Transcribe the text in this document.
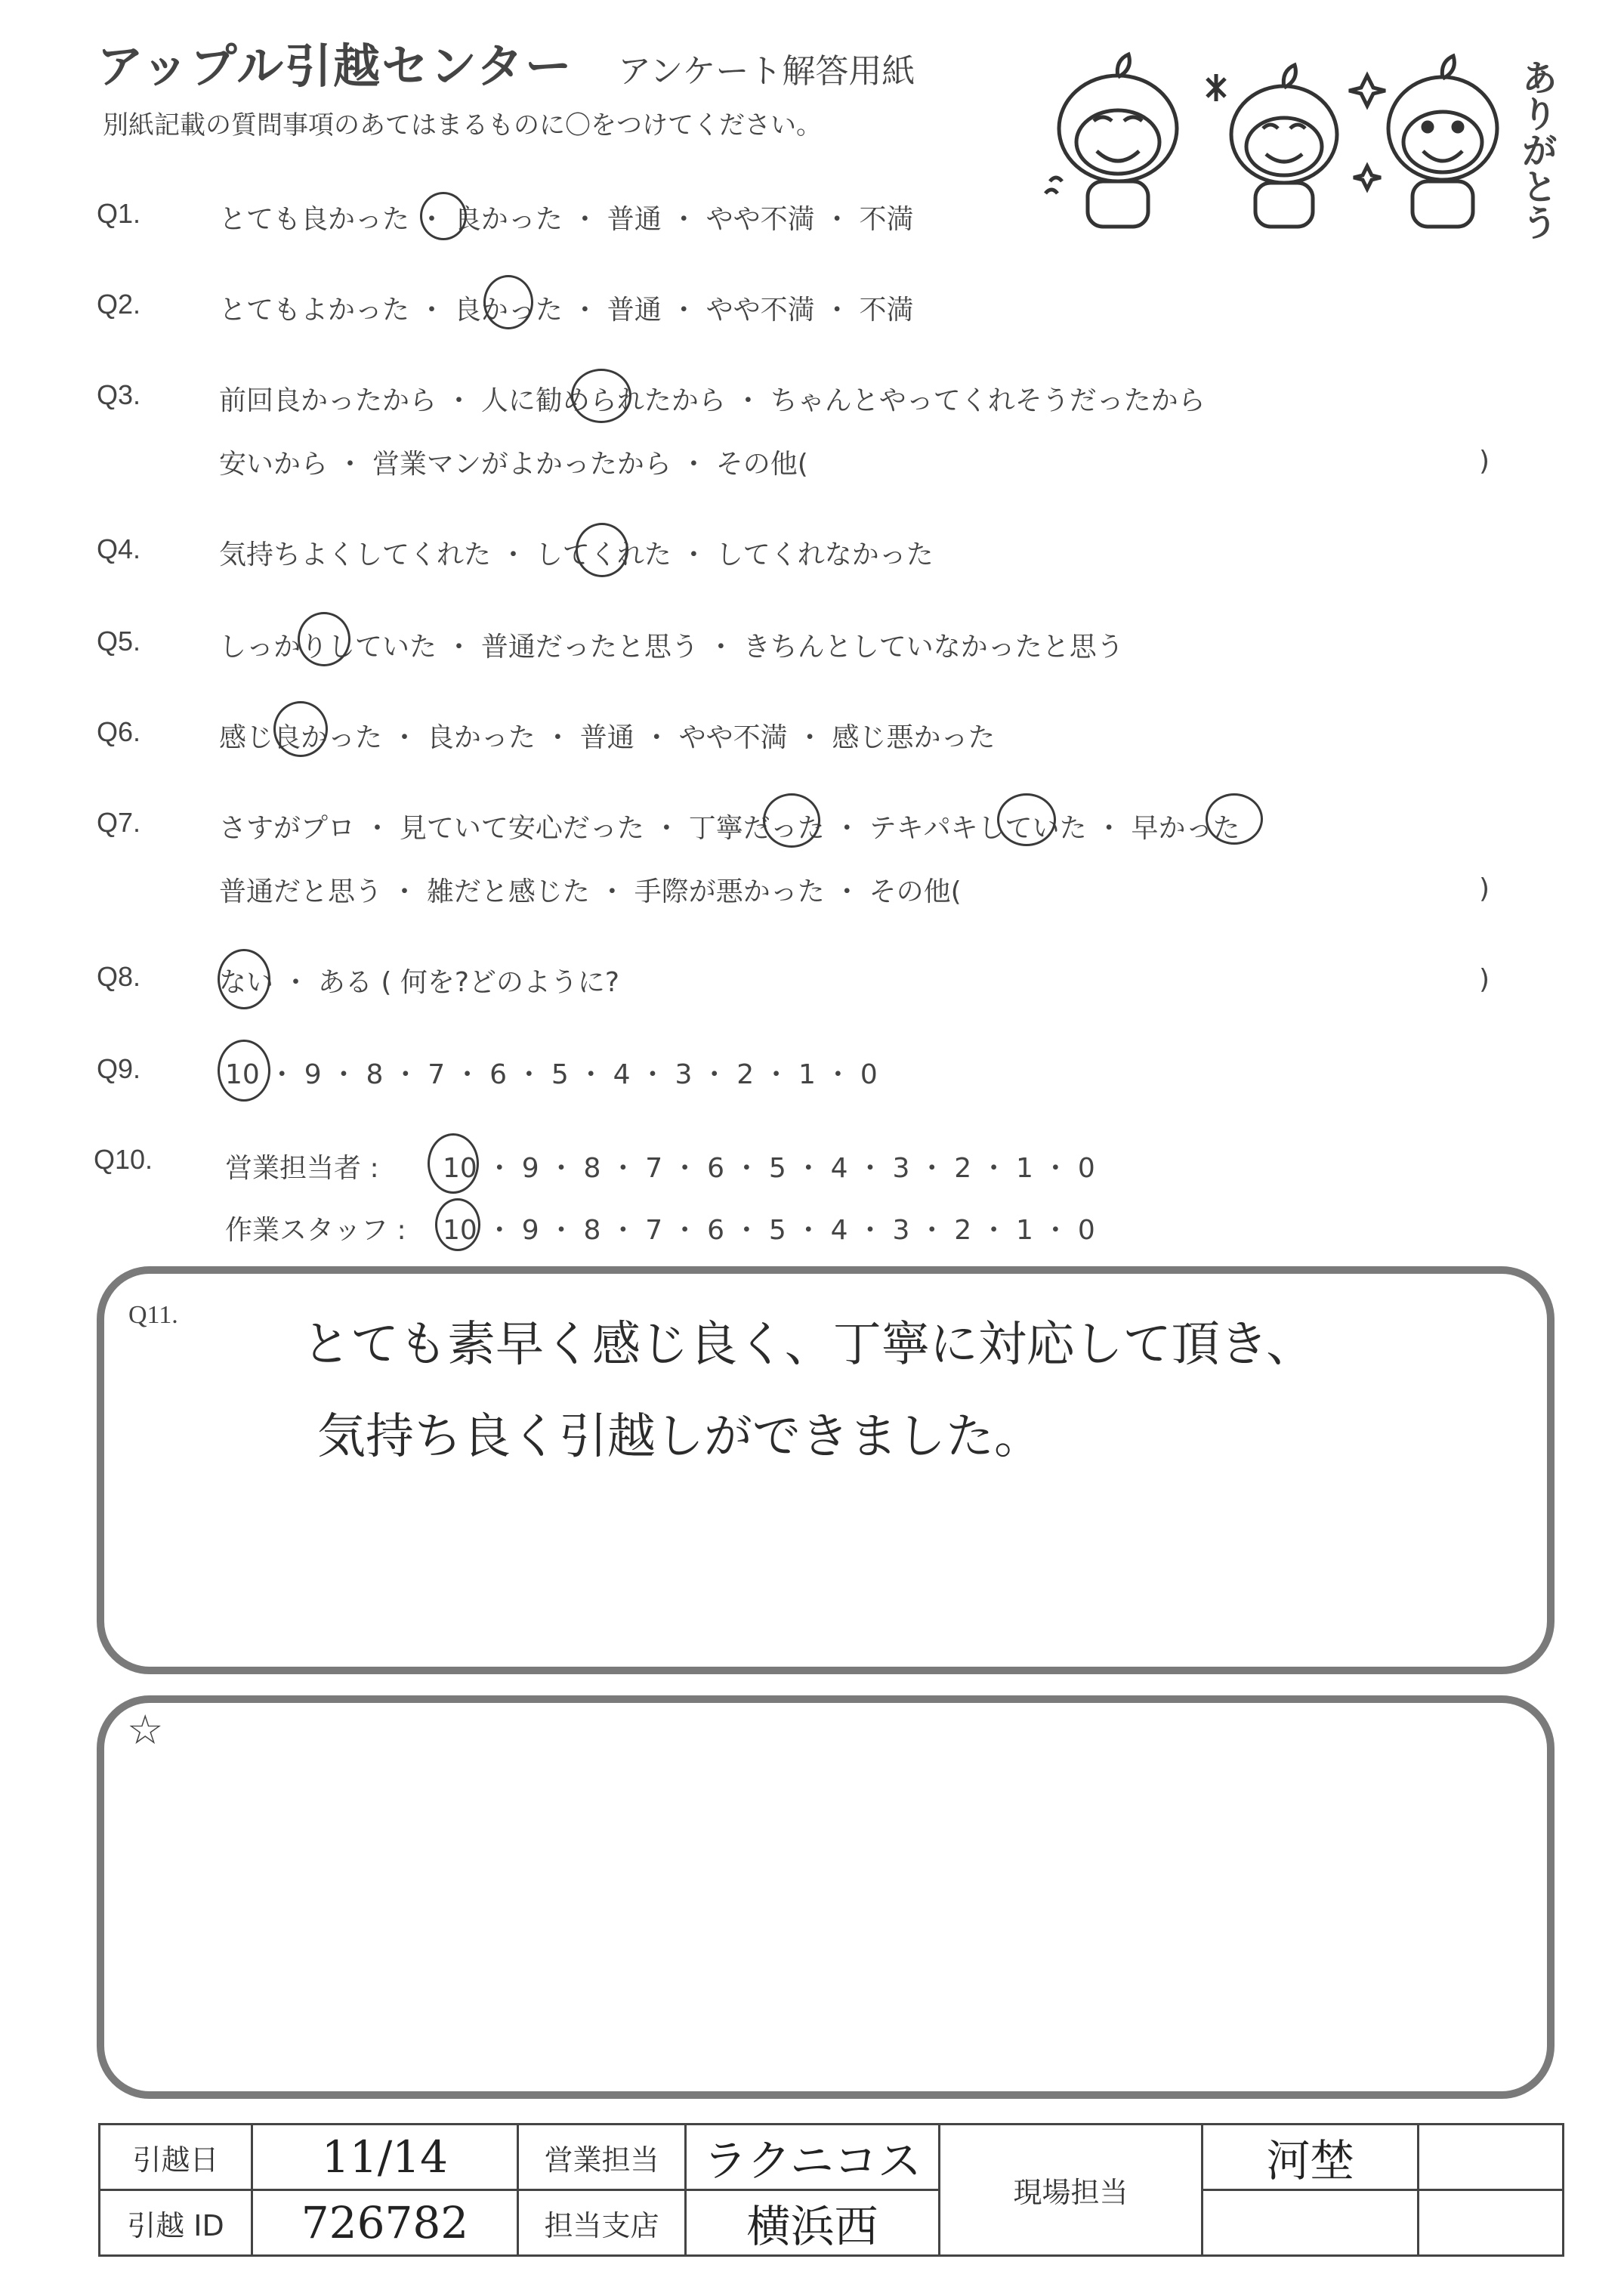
アップル引越センター アンケート解答用紙
別紙記載の質問事項のあてはまるものに〇をつけてください。	ありがとう
Q1.	とても良かった ・ 良かった ・ 普通 ・ やや不満 ・ 不満
Q2.	とてもよかった ・ 良かった ・ 普通 ・ やや不満 ・ 不満
Q3.	前回良かったから ・ 人に勧められたから ・ ちゃんとやってくれそうだったから
安いから ・ 営業マンがよかったから ・ その他(	)
Q4.	気持ちよくしてくれた ・ してくれた ・ してくれなかった
Q5.	しっかりしていた ・ 普通だったと思う ・ きちんとしていなかったと思う
Q6.	感じ良かった ・ 良かった ・ 普通 ・ やや不満 ・ 感じ悪かった
Q7.	さすがプロ ・ 見ていて安心だった ・ 丁寧だった ・ テキパキしていた ・ 早かった
普通だと思う ・ 雑だと感じた ・ 手際が悪かった ・ その他(	)
Q8.	ない ・ ある ( 何を?どのように?	)
Q9.	10 ・ 9 ・ 8 ・ 7 ・ 6 ・ 5 ・ 4 ・ 3 ・ 2 ・ 1 ・ 0
Q10.	営業担当者 : 10 ・ 9 ・ 8 ・ 7 ・ 6 ・ 5 ・ 4 ・ 3 ・ 2 ・ 1 ・ 0
作業スタッフ : 10 ・ 9 ・ 8 ・ 7 ・ 6 ・ 5 ・ 4 ・ 3 ・ 2 ・ 1 ・ 0
Q11.
とても素早く感じ良く、丁寧に対応して頂き、
気持ち良く引越しができました。
☆
引越日	11/14	営業担当	ラクニコス	現場担当	河埜	
引越 ID	726782	担当支店	横浜西			
